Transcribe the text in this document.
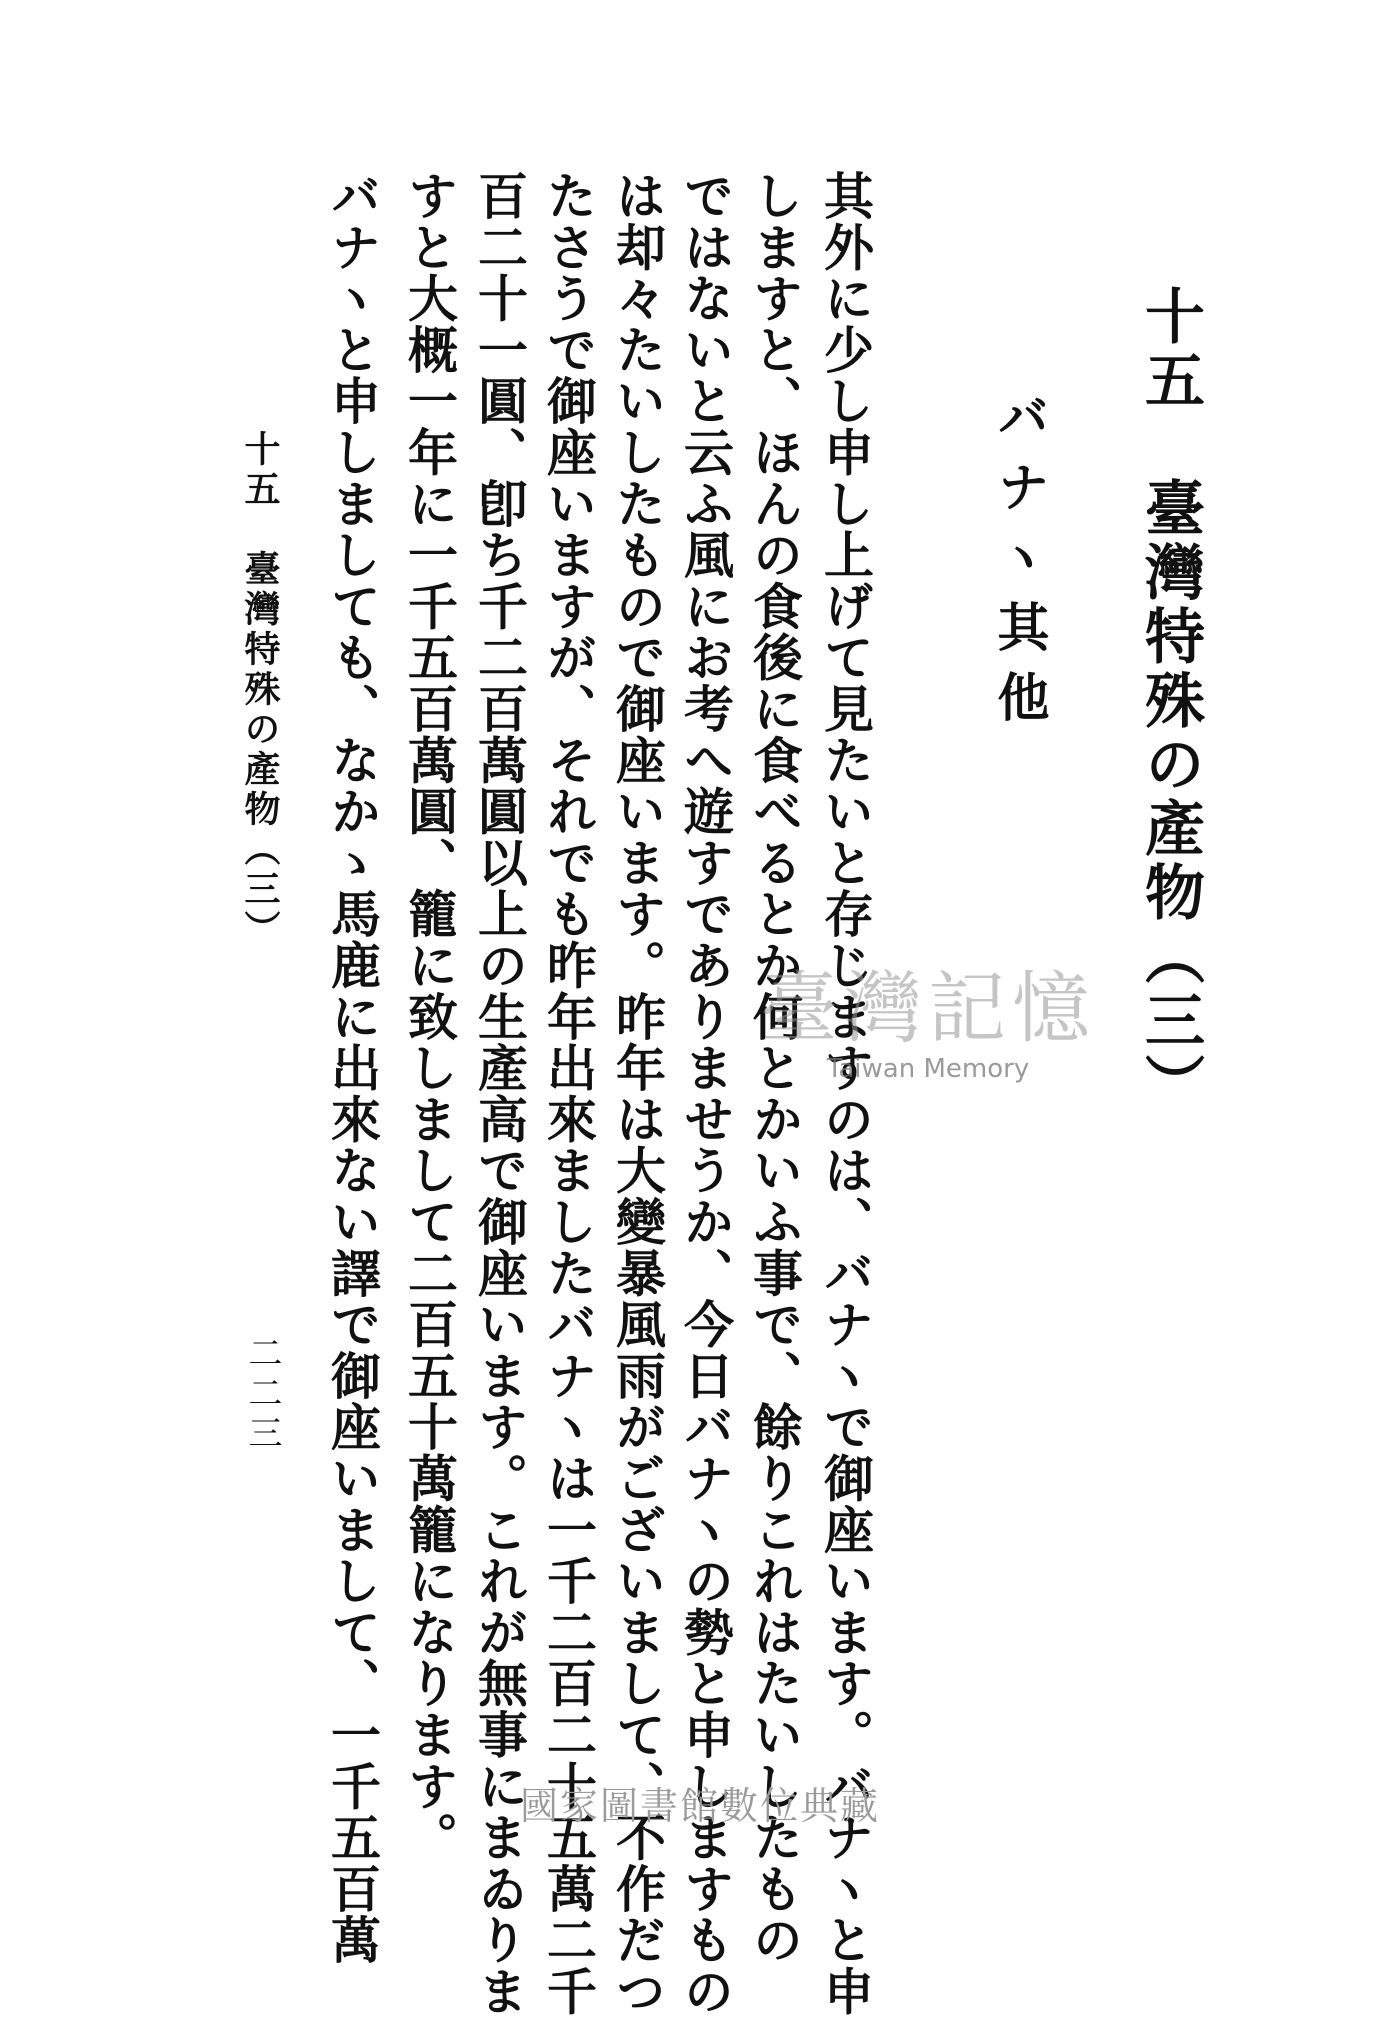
十五　臺灣特殊の產物（三）
バナヽ其他
其外に少し申し上げて見たいと存じますのは、バナヽで御座います。バナヽと申
しますと、ほんの食後に食べるとか何とかいふ事で、餘りこれはたいしたもの
ではないと云ふ風にお考へ遊すでありませうか、今日バナヽの勢と申しますもの
は却々たいしたもので御座います。昨年は大變暴風雨がございまして、不作だつ
たさうで御座いますが、それでも昨年出來ましたバナヽは一千二百二十五萬二千
百二十一圓、卽ち千二百萬圓以上の生產高で御座います。これが無事にまゐりま
すと大概一年に一千五百萬圓、籠に致しまして二百五十萬籠になります。
バナヽと申しましても、なかゝ馬鹿に出來ない譯で御座いまして、一千五百萬
十五　臺灣特殊の產物（三）
二二三
臺灣記憶
Taiwan Memory
國家圖書館數位典藏
